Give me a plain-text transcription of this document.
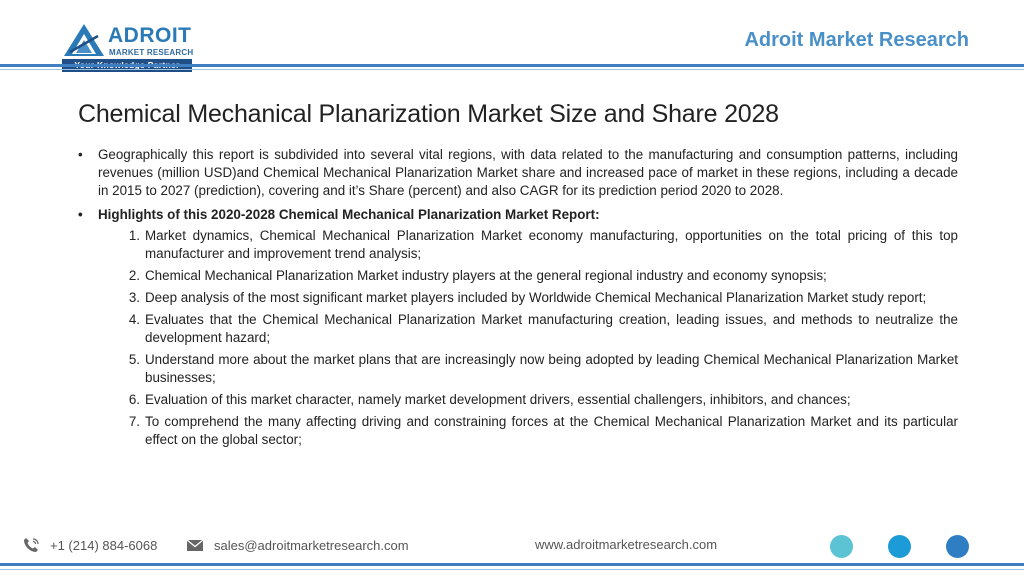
ADROIT
MARKET RESEARCH
Adroit Market Research
Chemical Mechanical Planarization Market Size and Share 2028
• Geographically this report is subdivided into several vital regions, with data related to the manufacturing and consumption patterns, including revenues (million USD)and Chemical Mechanical Planarization Market share and increased pace of market in these regions, including a decade in 2015 to 2027 (prediction), covering and it’s Share (percent) and also CAGR for its prediction period 2020 to 2028.
• Highlights of this 2020-2028 Chemical Mechanical Planarization Market Report:
1. Market dynamics, Chemical Mechanical Planarization Market economy manufacturing, opportunities on the total pricing of this top manufacturer and improvement trend analysis;
2. Chemical Mechanical Planarization Market industry players at the general regional industry and economy synopsis;
3. Deep analysis of the most significant market players included by Worldwide Chemical Mechanical Planarization Market study report;
4. Evaluates that the Chemical Mechanical Planarization Market manufacturing creation, leading issues, and methods to neutralize the development hazard;
5. Understand more about the market plans that are increasingly now being adopted by leading Chemical Mechanical Planarization Market businesses;
6. Evaluation of this market character, namely market development drivers, essential challengers, inhibitors, and chances;
7. To comprehend the many affecting driving and constraining forces at the Chemical Mechanical Planarization Market and its particular effect on the global sector;
+1 (214) 884-6068	sales@adroitmarketresearch.com	www.adroitmarketresearch.com
